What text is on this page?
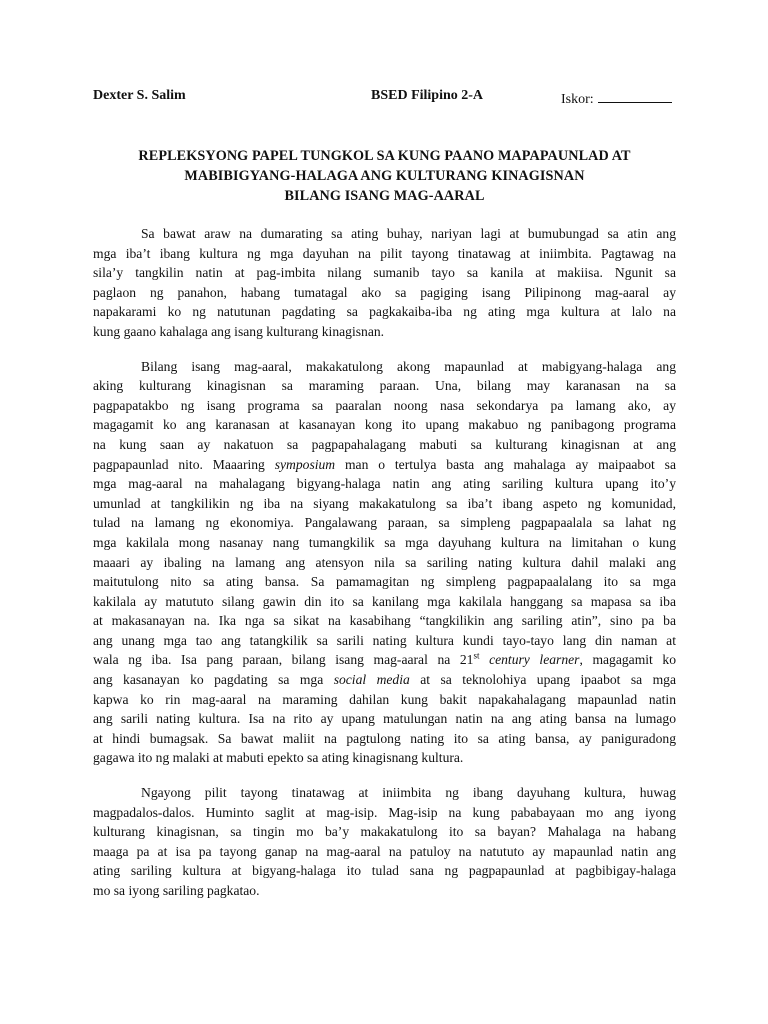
Dexter S. Salim	BSED Filipino 2-A	Iskor:
REPLEKSYONG PAPEL TUNGKOL SA KUNG PAANO MAPAPAUNLAD AT
MABIBIGYANG-HALAGA ANG KULTURANG KINAGISNAN
BILANG ISANG MAG-AARAL
Sa bawat araw na dumarating sa ating buhay, nariyan lagi at bumubungad sa atin ang
mga iba’t ibang kultura ng mga dayuhan na pilit tayong tinatawag at iniimbita. Pagtawag na
sila’y tangkilin natin at pag-imbita nilang sumanib tayo sa kanila at makiisa. Ngunit sa
paglaon ng panahon, habang tumatagal ako sa pagiging isang Pilipinong mag-aaral ay
napakarami ko ng natutunan pagdating sa pagkakaiba-iba ng ating mga kultura at lalo na
kung gaano kahalaga ang isang kulturang kinagisnan.
Bilang isang mag-aaral, makakatulong akong mapaunlad at mabigyang-halaga ang
aking kulturang kinagisnan sa maraming paraan. Una, bilang may karanasan na sa
pagpapatakbo ng isang programa sa paaralan noong nasa sekondarya pa lamang ako, ay
magagamit ko ang karanasan at kasanayan kong ito upang makabuo ng panibagong programa
na kung saan ay nakatuon sa pagpapahalagang mabuti sa kulturang kinagisnan at ang
pagpapaunlad nito. Maaaring symposium man o tertulya basta ang mahalaga ay maipaabot sa
mga mag-aaral na mahalagang bigyang-halaga natin ang ating sariling kultura upang ito’y
umunlad at tangkilikin ng iba na siyang makakatulong sa iba’t ibang aspeto ng komunidad,
tulad na lamang ng ekonomiya. Pangalawang paraan, sa simpleng pagpapaalala sa lahat ng
mga kakilala mong nasanay nang tumangkilik sa mga dayuhang kultura na limitahan o kung
maaari ay ibaling na lamang ang atensyon nila sa sariling nating kultura dahil malaki ang
maitutulong nito sa ating bansa. Sa pamamagitan ng simpleng pagpapaalalang ito sa mga
kakilala ay matututo silang gawin din ito sa kanilang mga kakilala hanggang sa mapasa sa iba
at makasanayan na. Ika nga sa sikat na kasabihang “tangkilikin ang sariling atin”, sino pa ba
ang unang mga tao ang tatangkilik sa sarili nating kultura kundi tayo-tayo lang din naman at
wala ng iba. Isa pang paraan, bilang isang mag-aaral na 21st century learner, magagamit ko
ang kasanayan ko pagdating sa mga social media at sa teknolohiya upang ipaabot sa mga
kapwa ko rin mag-aaral na maraming dahilan kung bakit napakahalagang mapaunlad natin
ang sarili nating kultura. Isa na rito ay upang matulungan natin na ang ating bansa na lumago
at hindi bumagsak. Sa bawat maliit na pagtulong nating ito sa ating bansa, ay paniguradong
gagawa ito ng malaki at mabuti epekto sa ating kinagisnang kultura.
Ngayong pilit tayong tinatawag at iniimbita ng ibang dayuhang kultura, huwag
magpadalos-dalos. Huminto saglit at mag-isip. Mag-isip na kung pababayaan mo ang iyong
kulturang kinagisnan, sa tingin mo ba’y makakatulong ito sa bayan? Mahalaga na habang
maaga pa at isa pa tayong ganap na mag-aaral na patuloy na natututo ay mapaunlad natin ang
ating sariling kultura at bigyang-halaga ito tulad sana ng pagpapaunlad at pagbibigay-halaga
mo sa iyong sariling pagkatao.
